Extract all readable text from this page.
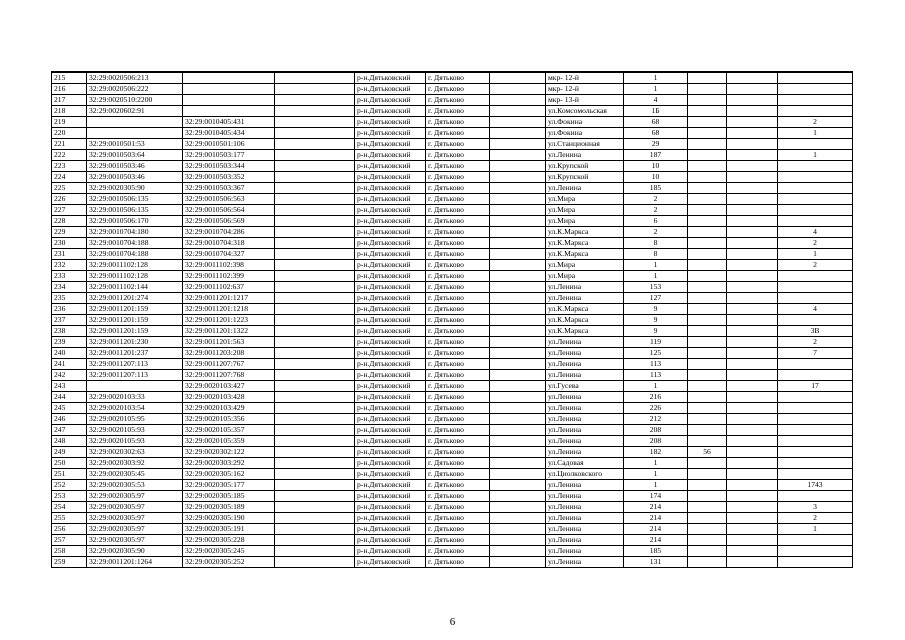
215	32:29:0020506:213			р-н.Дятьковский	г. Дятьково		мкр- 12-й	1			
216	32:29:0020506:222			р-н.Дятьковский	г. Дятьково		мкр- 12-й	1			
217	32:29:0020510:2200			р-н.Дятьковский	г. Дятьково		мкр- 13-й	4			
218	32:29:0020602:91			р-н.Дятьковский	г. Дятьково		ул.Комсомольская	1Б			
219		32:29:0010405:431		р-н.Дятьковский	г. Дятьково		ул.Фокина	68			2
220		32:29:0010405:434		р-н.Дятьковский	г. Дятьково		ул.Фокина	68			1
221	32:29:0010501:53	32:29:0010501:106		р-н.Дятьковский	г. Дятьково		ул.Станционная	29			
222	32:29:0010503:64	32:29:0010503:177		р-н.Дятьковский	г. Дятьково		ул.Ленина	187			1
223	32:29:0010503:46	32:29:0010503:344		р-н.Дятьковский	г. Дятьково		ул.Крупской	10			
224	32:29:0010503:46	32:29:0010503:352		р-н.Дятьковский	г. Дятьково		ул.Крупской	10			
225	32:29:0020305:90	32:29:0010503:367		р-н.Дятьковский	г. Дятьково		ул.Ленина	185			
226	32:29:0010506:135	32:29:0010506:563		р-н.Дятьковский	г. Дятьково		ул.Мира	2			
227	32:29:0010506:135	32:29:0010506:564		р-н.Дятьковский	г. Дятьково		ул.Мира	2			
228	32:29:0010506:170	32:29:0010506:569		р-н.Дятьковский	г. Дятьково		ул.Мира	6			
229	32:29:0010704:180	32:29:0010704:286		р-н.Дятьковский	г. Дятьково		ул.К.Маркса	2			4
230	32:29:0010704:188	32:29:0010704:318		р-н.Дятьковский	г. Дятьково		ул.К.Маркса	8			2
231	32:29:0010704:188	32:29:0010704:327		р-н.Дятьковский	г. Дятьково		ул.К.Маркса	8			1
232	32:29:0011102:128	32:29:0011102:398		р-н.Дятьковский	г. Дятьково		ул.Мира	1			2
233	32:29:0011102:128	32:29:0011102:399		р-н.Дятьковский	г. Дятьково		ул.Мира	1			
234	32:29:0011102:144	32:29:0011102:637		р-н.Дятьковский	г. Дятьково		ул.Ленина	153			
235	32:29:0011201:274	32:29:0011201:1217		р-н.Дятьковский	г. Дятьково		ул.Ленина	127			
236	32:29:0011201:159	32:29:0011201:1218		р-н.Дятьковский	г. Дятьково		ул.К.Маркса	9			4
237	32:29:0011201:159	32:29:0011201:1223		р-н.Дятьковский	г. Дятьково		ул.К.Маркса	9			
238	32:29:0011201:159	32:29:0011201:1322		р-н.Дятьковский	г. Дятьково		ул.К.Маркса	9			3В
239	32:29:0011201:230	32:29:0011201:563		р-н.Дятьковский	г. Дятьково		ул.Ленина	119			2
240	32:29:0011201:237	32:29:0011203:208		р-н.Дятьковский	г. Дятьково		ул.Ленина	125			7
241	32:29:0011207:113	32:29:0011207:767		р-н.Дятьковский	г. Дятьково		ул.Ленина	113			
242	32:29:0011207:113	32:29:0011207:768		р-н.Дятьковский	г. Дятьково		ул.Ленина	113			
243		32:29:0020103:427		р-н.Дятьковский	г. Дятьково		ул.Гусева	1			17
244	32:29:0020103:33	32:29:0020103:428		р-н.Дятьковский	г. Дятьково		ул.Ленина	216			
245	32:29:0020103:54	32:29:0020103:429		р-н.Дятьковский	г. Дятьково		ул.Ленина	226			
246	32:29:0020105:95	32:29:0020105:356		р-н.Дятьковский	г. Дятьково		ул.Ленина	212			
247	32:29:0020105:93	32:29:0020105:357		р-н.Дятьковский	г. Дятьково		ул.Ленина	208			
248	32:29:0020105:93	32:29:0020105:359		р-н.Дятьковский	г. Дятьково		ул.Ленина	208			
249	32:29:0020302:63	32:29:0020302:122		р-н.Дятьковский	г. Дятьково		ул.Ленина	182	56		
250	32:29:0020303:92	32:29:0020303:292		р-н.Дятьковский	г. Дятьково		ул.Садовая	1			
251	32:29:0020305:45	32:29:0020305:162		р-н.Дятьковский	г. Дятьково		ул.Циолковского	1			
252	32:29:0020305:53	32:29:0020305:177		р-н.Дятьковский	г. Дятьково		ул.Ленина	1			1743
253	32:29:0020305:97	32:29:0020305:185		р-н.Дятьковский	г. Дятьково		ул.Ленина	174			
254	32:29:0020305:97	32:29:0020305:189		р-н.Дятьковский	г. Дятьково		ул.Ленина	214			3
255	32:29:0020305:97	32:29:0020305:190		р-н.Дятьковский	г. Дятьково		ул.Ленина	214			2
256	32:29:0020305:97	32:29:0020305:191		р-н.Дятьковский	г. Дятьково		ул.Ленина	214			1
257	32:29:0020305:97	32:29:0020305:228		р-н.Дятьковский	г. Дятьково		ул.Ленина	214			
258	32:29:0020305:90	32:29:0020305:245		р-н.Дятьковский	г. Дятьково		ул.Ленина	185			
259	32:29:0011201:1264	32:29:0020305:252		р-н.Дятьковский	г. Дятьково		ул.Ленина	131			
6
